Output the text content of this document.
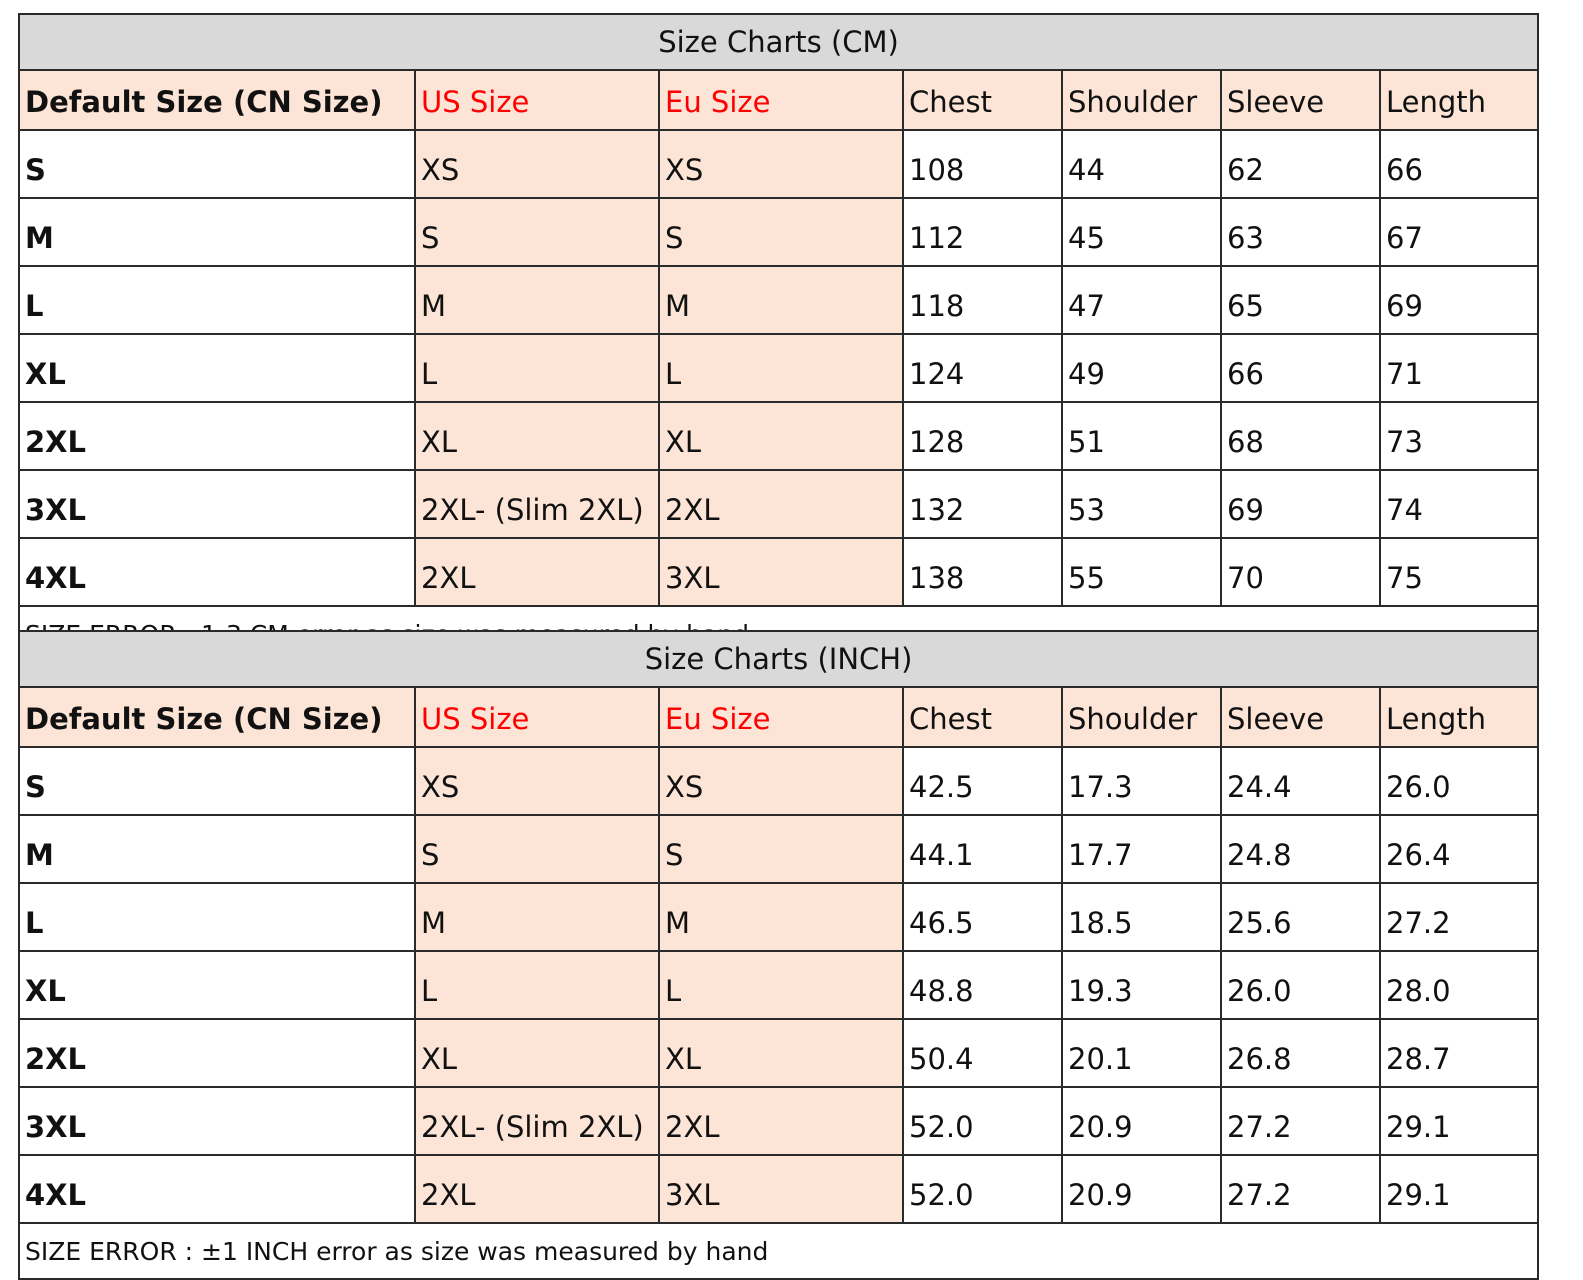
Size Charts (CM)						
Default Size (CN Size)	US Size	Eu Size	Chest	Shoulder	Sleeve	Length
S	XS	XS	108	44	62	66
M	S	S	112	45	63	67
L	M	M	118	47	65	69
XL	L	L	124	49	66	71
2XL	XL	XL	128	51	68	73
3XL	2XL- (Slim 2XL)	2XL	132	53	69	74
4XL	2XL	3XL	138	55	70	75

Size Charts (INCH)						
Default Size (CN Size)	US Size	Eu Size	Chest	Shoulder	Sleeve	Length
S	XS	XS	42.5	17.3	24.4	26.0
M	S	S	44.1	17.7	24.8	26.4
L	M	M	46.5	18.5	25.6	27.2
XL	L	L	48.8	19.3	26.0	28.0
2XL	XL	XL	50.4	20.1	26.8	28.7
3XL	2XL- (Slim 2XL)	2XL	52.0	20.9	27.2	29.1
4XL	2XL	3XL	52.0	20.9	27.2	29.1
SIZE ERROR : ±1 INCH error as size was measured by hand						
